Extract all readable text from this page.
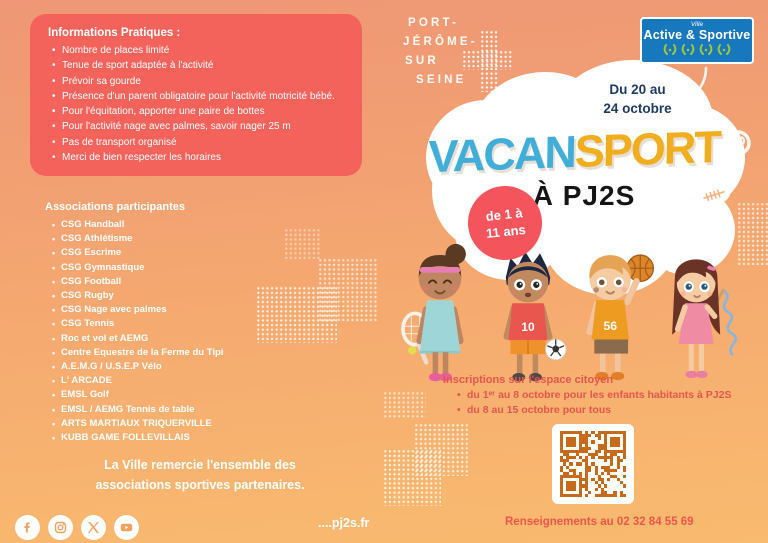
Informations Pratiques :
• Nombre de places limité
• Tenue de sport adaptée à l'activité
• Prévoir sa gourde
• Présence d'un parent obligatoire pour l'activité motricité bébé.
• Pour l'équitation, apporter une paire de bottes
• Pour l'activité nage avec palmes, savoir nager 25 m
• Pas de transport organisé
• Merci de bien respecter les horaires
Associations participantes
• CSG Handball
• CSG Athlétisme
• CSG Escrime
• CSG Gymnastique
• CSG Football
• CSG Rugby
• CSG Nage avec palmes
• CSG Tennis
• Roc et vol et AEMG
• Centre Equestre de la Ferme du Tipi
• A.E.M.G / U.S.E.P Vélo
• L' ARCADE
• EMSL Golf
• EMSL / AEMG Tennis de table
• ARTS MARTIAUX TRIQUERVILLE
• KUBB GAME FOLLEVILLAIS
La Ville remercie l'ensemble des
associations sportives partenaires.
....pj2s.fr
PORT-
JÉRÔME-
SUR
SEINE
Ville
Active & Sportive
Du 20 au
24 octobre
VACANSPORT
À PJ2S
de 1 à
11 ans
10	56
Inscriptions sur l'espace citoyen
• du 1ᵉʳ au 8 octobre pour les enfants habitants à PJ2S
• du 8 au 15 octobre pour tous
Renseignements au 02 32 84 55 69
